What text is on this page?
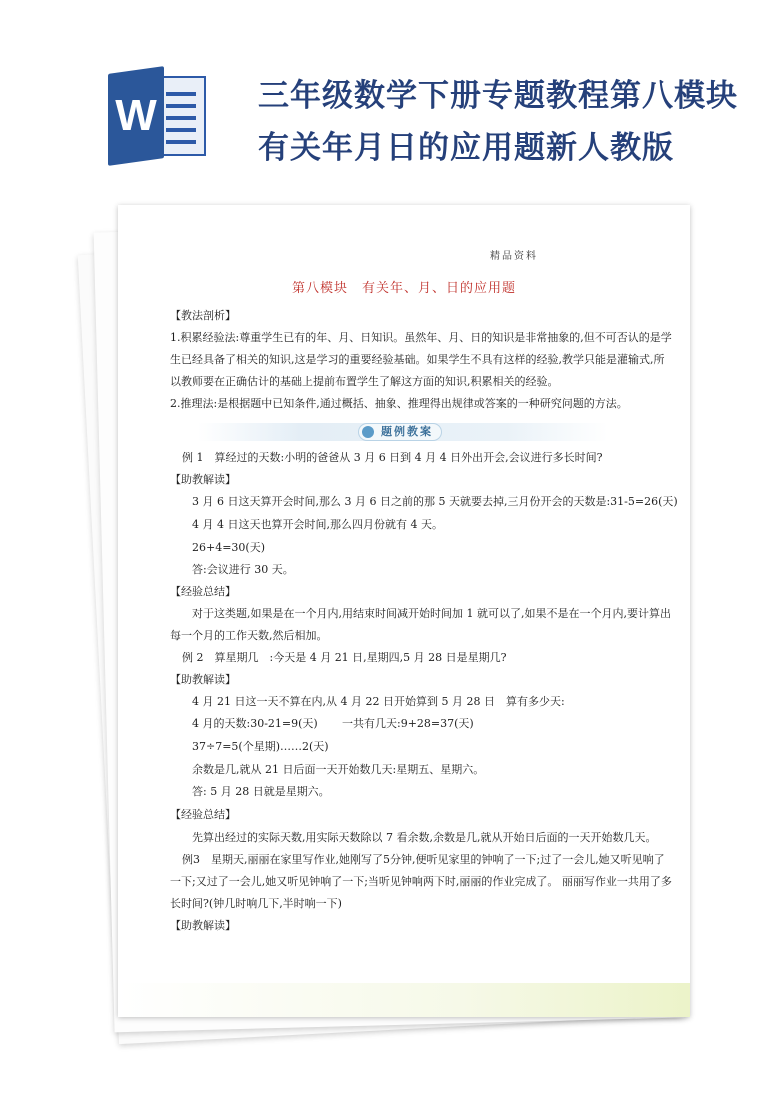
W	三年级数学下册专题教程第八模块有关年月日的应用题新人教版
精品资料
第八模块　有关年、月、日的应用题
【教法剖析】
1.积累经验法:尊重学生已有的年、月、日知识。虽然年、月、日的知识是非常抽象的,但不可否认的是学
生已经具备了相关的知识,这是学习的重要经验基础。如果学生不具有这样的经验,教学只能是灌输式,所
以教师要在正确估计的基础上提前布置学生了解这方面的知识,积累相关的经验。
2.推理法:是根据题中已知条件,通过概括、抽象、推理得出规律或答案的一种研究问题的方法。
题例教案
例 1　算经过的天数:小明的爸爸从 3 月 6 日到 4 月 4 日外出开会,会议进行多长时间?
【助教解读】
3 月 6 日这天算开会时间,那么 3 月 6 日之前的那 5 天就要去掉,三月份开会的天数是:31-5=26(天)
4 月 4 日这天也算开会时间,那么四月份就有 4 天。
26+4=30(天)
答:会议进行 30 天。
【经验总结】
对于这类题,如果是在一个月内,用结束时间减开始时间加 1 就可以了,如果不是在一个月内,要计算出
每一个月的工作天数,然后相加。
例 2　算星期几　:今天是 4 月 21 日,星期四,5 月 28 日是星期几?
【助教解读】
4 月 21 日这一天不算在内,从 4 月 22 日开始算到 5 月 28 日　算有多少天:
4 月的天数:30-21=9(天) 一共有几天:9+28=37(天)
37÷7=5(个星期)……2(天)
余数是几,就从 21 日后面一天开始数几天:星期五、星期六。
答: 5 月 28 日就是星期六。
【经验总结】
先算出经过的实际天数,用实际天数除以 7 看余数,余数是几,就从开始日后面的一天开始数几天。
例3　星期天,丽丽在家里写作业,她刚写了5分钟,便听见家里的钟响了一下;过了一会儿,她又听见响了
一下;又过了一会儿,她又听见钟响了一下;当听见钟响两下时,丽丽的作业完成了。 丽丽写作业一共用了多
长时间?(钟几时响几下,半时响一下)
【助教解读】
